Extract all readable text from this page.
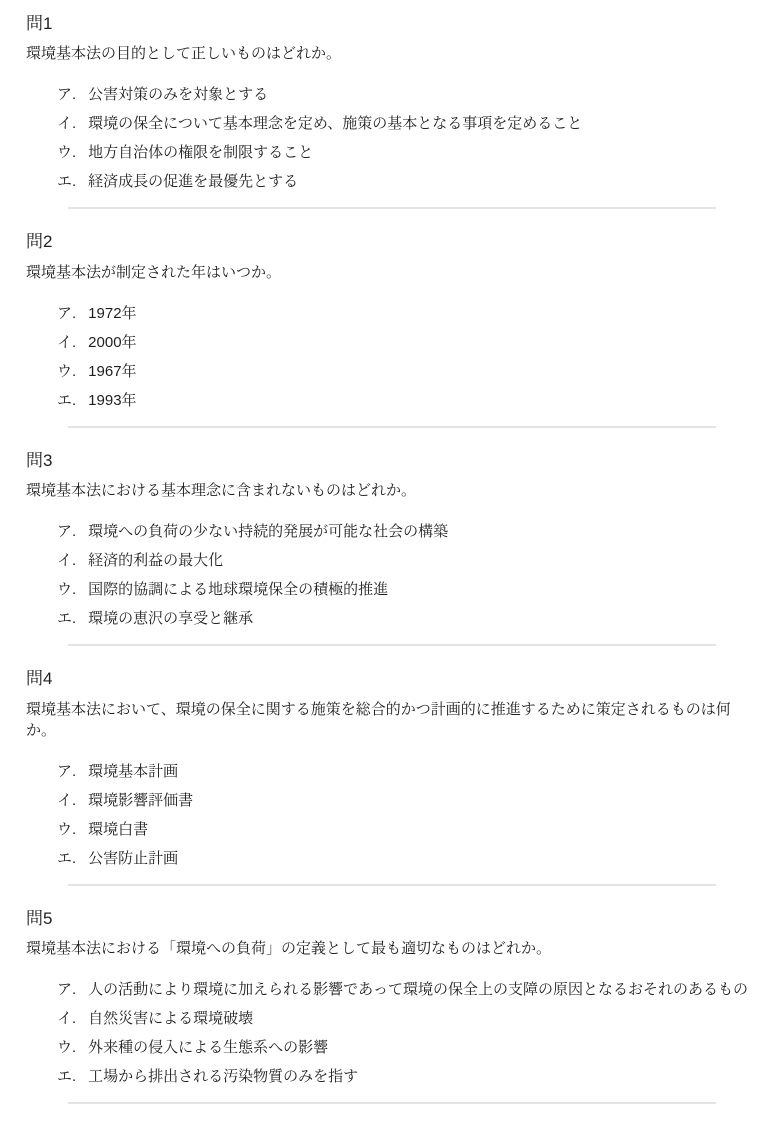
問1

環境基本法の目的として正しいものはどれか。

ア. 公害対策のみを対象とする
イ. 環境の保全について基本理念を定め、施策の基本となる事項を定めること
ウ. 地方自治体の権限を制限すること
エ. 経済成長の促進を最優先とする
問2

環境基本法が制定された年はいつか。

ア. 1972年
イ. 2000年
ウ. 1967年
エ. 1993年
問3

環境基本法における基本理念に含まれないものはどれか。

ア. 環境への負荷の少ない持続的発展が可能な社会の構築
イ. 経済的利益の最大化
ウ. 国際的協調による地球環境保全の積極的推進
エ. 環境の恵沢の享受と継承
問4

環境基本法において、環境の保全に関する施策を総合的かつ計画的に推進するために策定されるものは何か。

ア. 環境基本計画
イ. 環境影響評価書
ウ. 環境白書
エ. 公害防止計画
問5

環境基本法における「環境への負荷」の定義として最も適切なものはどれか。

ア. 人の活動により環境に加えられる影響であって環境の保全上の支障の原因となるおそれのあるもの
イ. 自然災害による環境破壊
ウ. 外来種の侵入による生態系への影響
エ. 工場から排出される汚染物質のみを指す
